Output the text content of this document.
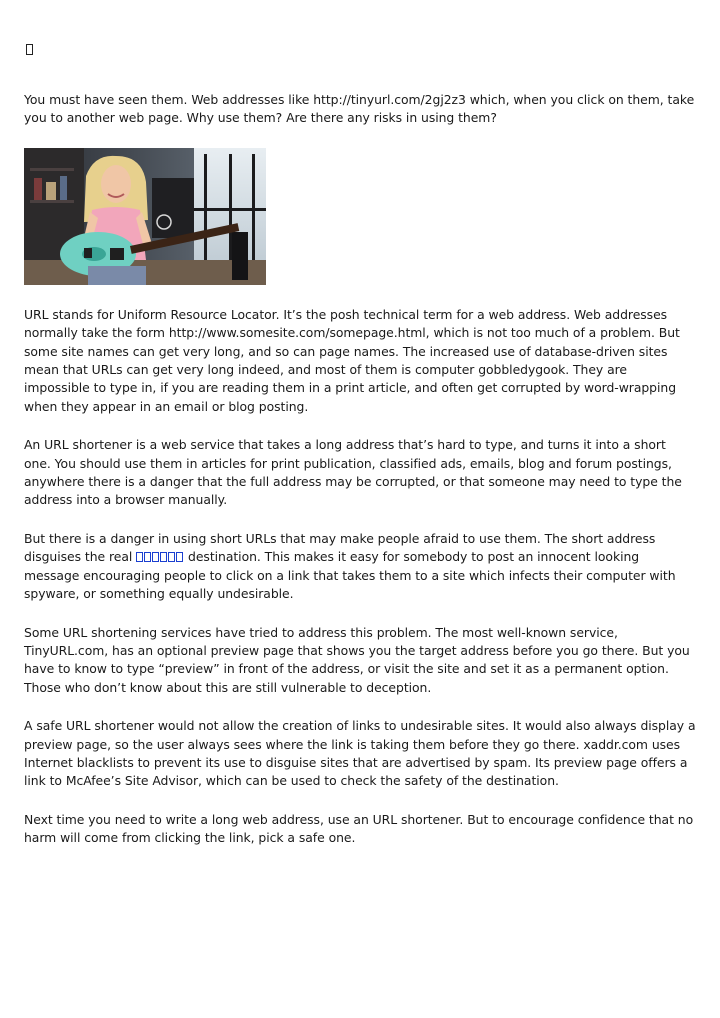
You must have seen them. Web addresses like http://tinyurl.com/2gj2z3 which, when you click on them, take you to another web page. Why use them? Are there any risks in using them?

URL stands for Uniform Resource Locator. It’s the posh technical term for a web address. Web addresses normally take the form http://www.somesite.com/somepage.html, which is not too much of a problem. But some site names can get very long, and so can page names. The increased use of database-driven sites mean that URLs can get very long indeed, and most of them is computer gobbledygook. They are impossible to type in, if you are reading them in a print article, and often get corrupted by word-wrapping when they appear in an email or blog posting.

An URL shortener is a web service that takes a long address that’s hard to type, and turns it into a short one. You should use them in articles for print publication, classified ads, emails, blog and forum postings, anywhere there is a danger that the full address may be corrupted, or that someone may need to type the address into a browser manually.

But there is a danger in using short URLs that may make people afraid to use them. The short address disguises the real	destination. This makes it easy for somebody to post an innocent looking message encouraging people to click on a link that takes them to a site which infects their computer with spyware, or something equally undesirable.

Some URL shortening services have tried to address this problem. The most well-known service, TinyURL.com, has an optional preview page that shows you the target address before you go there. But you have to know to type “preview” in front of the address, or visit the site and set it as a permanent option. Those who don’t know about this are still vulnerable to deception.

A safe URL shortener would not allow the creation of links to undesirable sites. It would also always display a preview page, so the user always sees where the link is taking them before they go there. xaddr.com uses Internet blacklists to prevent its use to disguise sites that are advertised by spam. Its preview page offers a link to McAfee’s Site Advisor, which can be used to check the safety of the destination.

Next time you need to write a long web address, use an URL shortener. But to encourage confidence that no harm will come from clicking the link, pick a safe one.
